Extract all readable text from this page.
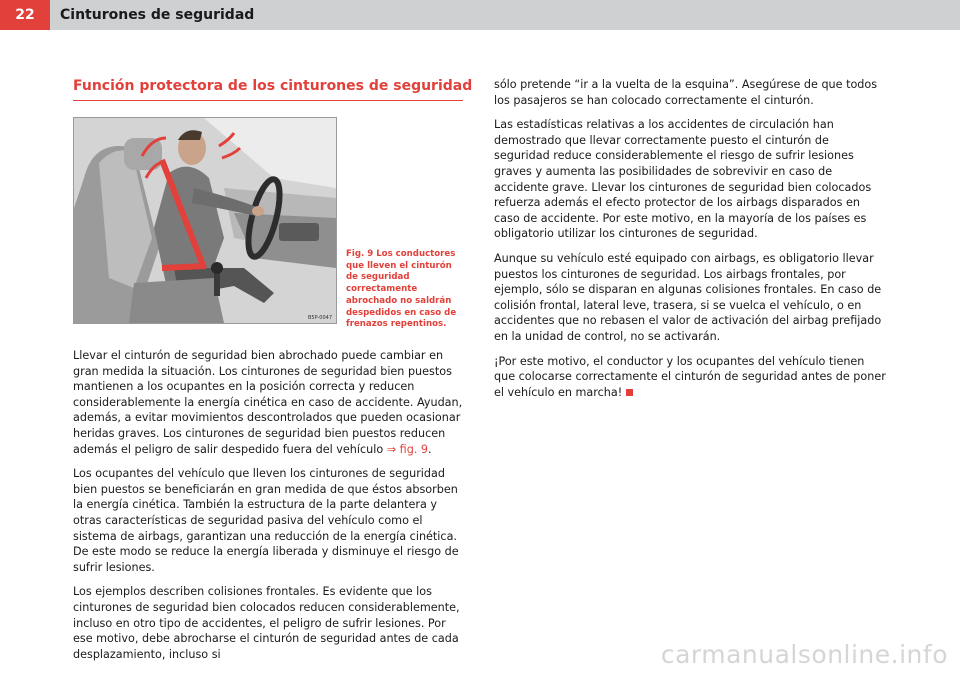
22	Cinturones de seguridad
Función protectora de los cinturones de seguridad
B5P-0047
Fig. 9 Los conductores que lleven el cinturón de seguridad correctamente abrochado no saldrán despedidos en caso de frenazos repentinos.

Llevar el cinturón de seguridad bien abrochado puede cambiar en gran medida la situación. Los cinturones de seguridad bien puestos mantienen a los ocupantes en la posición correcta y reducen considerablemente la energía cinética en caso de accidente. Ayudan, además, a evitar movimientos descontrolados que pueden ocasionar heridas graves. Los cinturones de seguridad bien puestos reducen además el peligro de salir despedido fuera del vehículo ⇒ fig. 9.

Los ocupantes del vehículo que lleven los cinturones de seguridad bien puestos se beneficiarán en gran medida de que éstos absorben la energía cinética. También la estructura de la parte delantera y otras características de seguridad pasiva del vehículo como el sistema de airbags, garantizan una reducción de la energía cinética. De este modo se reduce la energía liberada y disminuye el riesgo de sufrir lesiones.

Los ejemplos describen colisiones frontales. Es evidente que los cinturones de seguridad bien colocados reducen considerablemente, incluso en otro tipo de accidentes, el peligro de sufrir lesiones. Por ese motivo, debe abrocharse el cinturón de seguridad antes de cada desplazamiento, incluso si

sólo pretende “ir a la vuelta de la esquina”. Asegúrese de que todos los pasajeros se han colocado correctamente el cinturón.

Las estadísticas relativas a los accidentes de circulación han demostrado que llevar correctamente puesto el cinturón de seguridad reduce considerablemente el riesgo de sufrir lesiones graves y aumenta las posibilidades de sobrevivir en caso de accidente grave. Llevar los cinturones de seguridad bien colocados refuerza además el efecto protector de los airbags disparados en caso de accidente. Por este motivo, en la mayoría de los países es obligatorio utilizar los cinturones de seguridad.

Aunque su vehículo esté equipado con airbags, es obligatorio llevar puestos los cinturones de seguridad. Los airbags frontales, por ejemplo, sólo se disparan en algunas colisiones frontales. En caso de colisión frontal, lateral leve, trasera, si se vuelca el vehículo, o en accidentes que no rebasen el valor de activación del airbag prefijado en la unidad de control, no se activarán.

¡Por este motivo, el conductor y los ocupantes del vehículo tienen que colocarse correctamente el cinturón de seguridad antes de poner el vehículo en marcha!

carmanualsonline.info
